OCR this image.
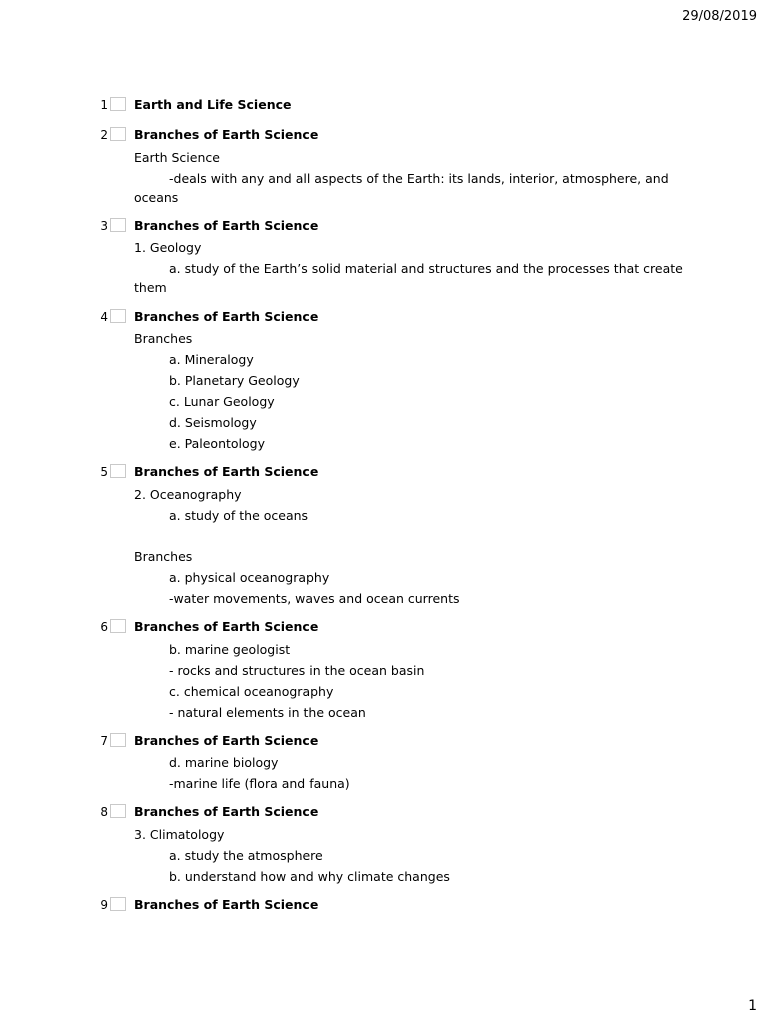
29/08/2019
1 Earth and Life Science
2 Branches of Earth Science
Earth Science
-deals with any and all aspects of the Earth: its lands, interior, atmosphere, and
oceans
3 Branches of Earth Science
1. Geology
a. study of the Earth’s solid material and structures and the processes that create
them
4 Branches of Earth Science
Branches
a. Mineralogy
b. Planetary Geology
c. Lunar Geology
d. Seismology
e. Paleontology
5 Branches of Earth Science
2. Oceanography
a. study of the oceans
Branches
a. physical oceanography
-water movements, waves and ocean currents
6 Branches of Earth Science
b. marine geologist
- rocks and structures in the ocean basin
c. chemical oceanography
- natural elements in the ocean
7 Branches of Earth Science
d. marine biology
-marine life (flora and fauna)
8 Branches of Earth Science
3. Climatology
a. study the atmosphere
b. understand how and why climate changes
9 Branches of Earth Science
1
